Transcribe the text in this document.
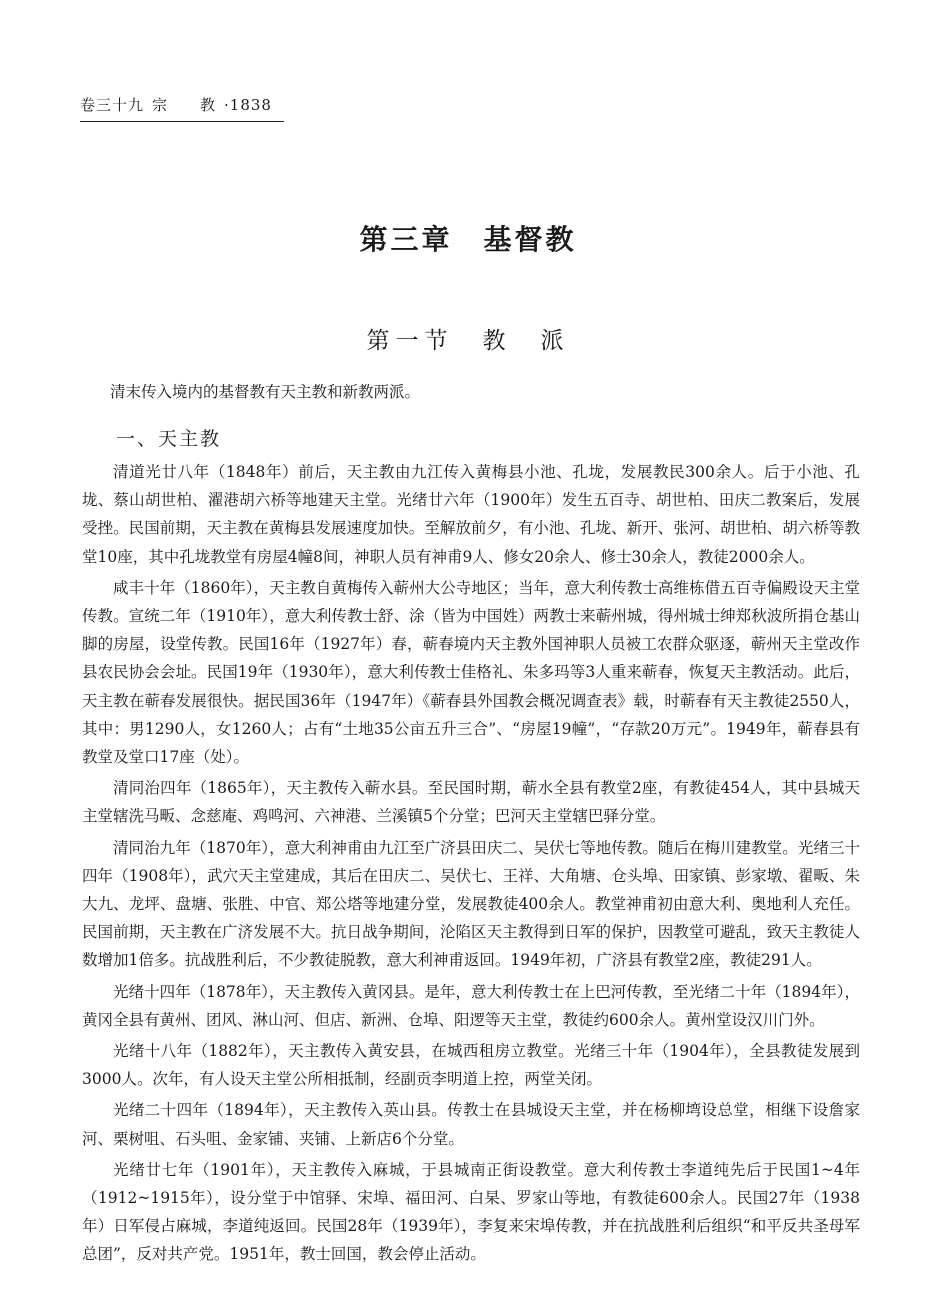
卷三十九 宗　　教 ·1838
第三章　基督教
第一节　教　派
清末传入境内的基督教有天主教和新教两派。
一、天主教

清道光廿八年（1848年）前后，天主教由九江传入黄梅县小池、孔垅，发展教民300余人。后于小池、孔垅、蔡山胡世柏、濯港胡六桥等地建天主堂。光绪廿六年（1900年）发生五百寺、胡世柏、田庆二教案后，发展受挫。民国前期，天主教在黄梅县发展速度加快。至解放前夕，有小池、孔垅、新开、张河、胡世柏、胡六桥等教堂10座，其中孔垅教堂有房屋4幢8间，神职人员有神甫9人、修女20余人、修士30余人，教徒2000余人。

咸丰十年（1860年），天主教自黄梅传入蕲州大公寺地区；当年，意大利传教士高维栋借五百寺偏殿设天主堂传教。宣统二年（1910年），意大利传教士舒、涂（皆为中国姓）两教士来蕲州城，得州城士绅郑秋波所捐仓基山脚的房屋，设堂传教。民国16年（1927年）春，蕲春境内天主教外国神职人员被工农群众驱逐，蕲州天主堂改作县农民协会会址。民国19年（1930年），意大利传教士佳格礼、朱多玛等3人重来蕲春，恢复天主教活动。此后，天主教在蕲春发展很快。据民国36年（1947年）《蕲春县外国教会概况调查表》载，时蕲春有天主教徒2550人，其中：男1290人，女1260人；占有“土地35公亩五升三合”、“房屋19幢”，“存款20万元”。1949年，蕲春县有教堂及堂口17座（处）。

清同治四年（1865年），天主教传入蕲水县。至民国时期，蕲水全县有教堂2座，有教徒454人，其中县城天主堂辖洗马畈、念慈庵、鸡鸣河、六神港、兰溪镇5个分堂；巴河天主堂辖巴驿分堂。

清同治九年（1870年），意大利神甫由九江至广济县田庆二、吴伏七等地传教。随后在梅川建教堂。光绪三十四年（1908年），武穴天主堂建成，其后在田庆二、吴伏七、王祥、大角塘、仓头埠、田家镇、彭家墩、翟畈、朱大九、龙坪、盘塘、张胜、中官、郑公塔等地建分堂，发展教徒400余人。教堂神甫初由意大利、奥地利人充任。民国前期，天主教在广济发展不大。抗日战争期间，沦陷区天主教得到日军的保护，因教堂可避乱，致天主教徒人数增加1倍多。抗战胜利后，不少教徒脱教，意大利神甫返回。1949年初，广济县有教堂2座，教徒291人。

光绪十四年（1878年），天主教传入黄冈县。是年，意大利传教士在上巴河传教，至光绪二十年（1894年），黄冈全县有黄州、团风、淋山河、但店、新洲、仓埠、阳逻等天主堂，教徒约600余人。黄州堂设汉川门外。

光绪十八年（1882年），天主教传入黄安县，在城西租房立教堂。光绪三十年（1904年），全县教徒发展到3000人。次年，有人设天主堂公所相抵制，经副贡李明道上控，两堂关闭。

光绪二十四年（1894年），天主教传入英山县。传教士在县城设天主堂，并在杨柳塆设总堂，相继下设詹家河、栗树咀、石头咀、金家铺、夹铺、上新店6个分堂。

光绪廿七年（1901年），天主教传入麻城，于县城南正街设教堂。意大利传教士李道纯先后于民国1~4年（1912~1915年），设分堂于中馆驿、宋埠、福田河、白杲、罗家山等地，有教徒600余人。民国27年（1938年）日军侵占麻城，李道纯返回。民国28年（1939年），李复来宋埠传教，并在抗战胜利后组织“和平反共圣母军总团”，反对共产党。1951年，教士回国，教会停止活动。
